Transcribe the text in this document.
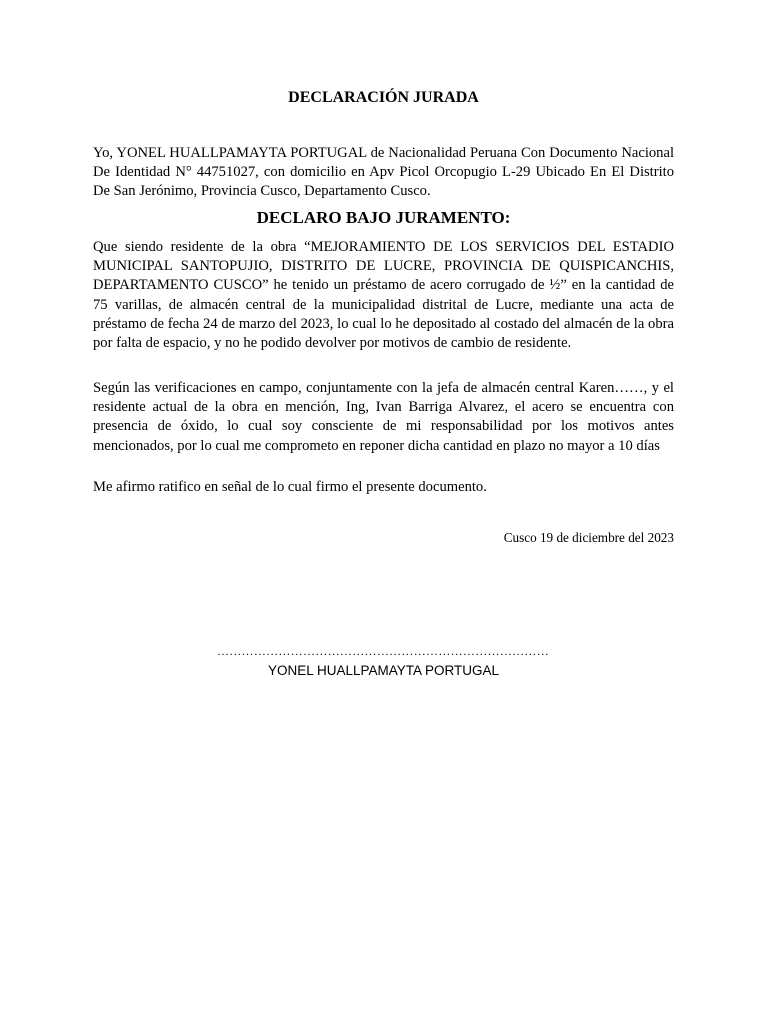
DECLARACIÓN JURADA

Yo, YONEL HUALLPAMAYTA PORTUGAL de Nacionalidad Peruana Con Documento Nacional De Identidad N° 44751027, con domicilio en Apv Picol Orcopugio L-29 Ubicado En El Distrito De San Jerónimo, Provincia Cusco, Departamento Cusco.

DECLARO BAJO JURAMENTO:

Que siendo residente de la obra “MEJORAMIENTO DE LOS SERVICIOS DEL ESTADIO MUNICIPAL SANTOPUJIO, DISTRITO DE LUCRE, PROVINCIA DE QUISPICANCHIS, DEPARTAMENTO CUSCO” he tenido un préstamo de acero corrugado de ½” en la cantidad de 75 varillas, de almacén central de la municipalidad distrital de Lucre, mediante una acta de préstamo de fecha 24 de marzo del 2023, lo cual lo he depositado al costado del almacén de la obra por falta de espacio, y no he podido devolver por motivos de cambio de residente.

Según las verificaciones en campo, conjuntamente con la jefa de almacén central Karen……, y el residente actual de la obra en mención, Ing, Ivan Barriga Alvarez, el acero se encuentra con presencia de óxido, lo cual soy consciente de mi responsabilidad por los motivos antes mencionados, por lo cual me comprometo en reponer dicha cantidad en plazo no mayor a 10 días

Me afirmo ratifico en señal de lo cual firmo el presente documento.

Cusco 19 de diciembre del 2023

………………………………………………………………………

YONEL HUALLPAMAYTA PORTUGAL
